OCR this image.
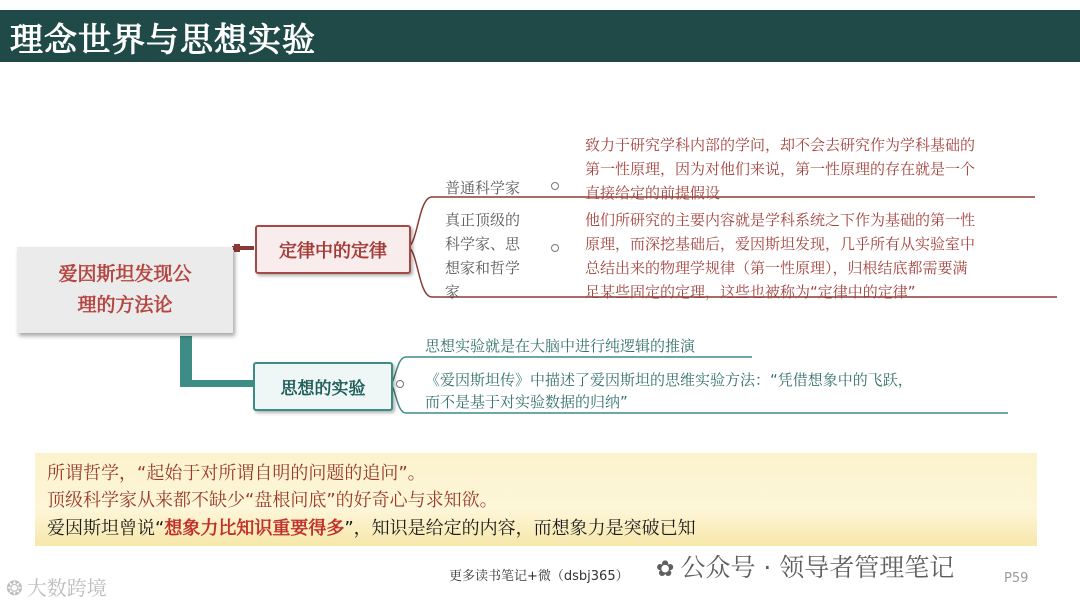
理念世界与思想实验
爱因斯坦发现公
理的方法论
定律中的定律
普通科学家
致力于研究学科内部的学问，却不会去研究作为学科基础的
第一性原理，因为对他们来说，第一性原理的存在就是一个
直接给定的前提假设
真正顶级的
科学家、思
想家和哲学
家
他们所研究的主要内容就是学科系统之下作为基础的第一性
原理，而深挖基础后，爱因斯坦发现，几乎所有从实验室中
总结出来的物理学规律（第一性原理），归根结底都需要满
足某些固定的定理，这些也被称为“定律中的定律”
思想的实验
思想实验就是在大脑中进行纯逻辑的推演
《爱因斯坦传》中描述了爱因斯坦的思维实验方法：“凭借想象中的飞跃，
而不是基于对实验数据的归纳”
所谓哲学，“起始于对所谓自明的问题的追问”。
顶级科学家从来都不缺少“盘根问底”的好奇心与求知欲。
爱因斯坦曾说“想象力比知识重要得多”，知识是给定的内容，而想象力是突破已知
更多读书笔记+微（dsbj365） ✿ 公众号 · 领导者管理笔记
❂ 大数跨境	P59
